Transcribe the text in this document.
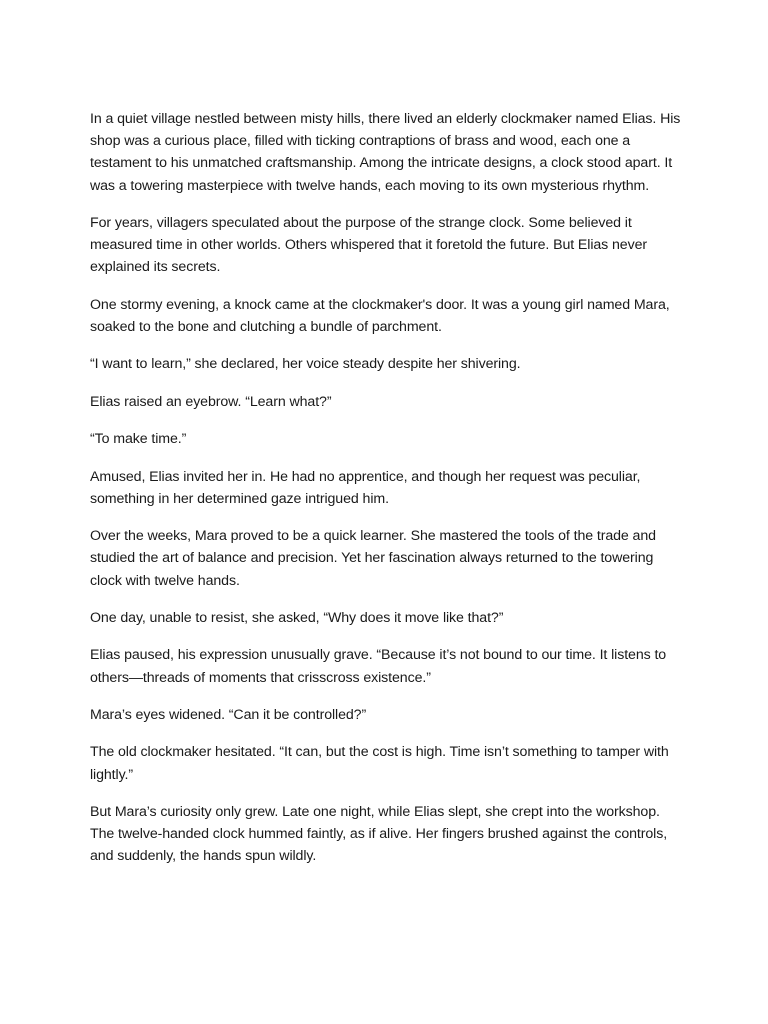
In a quiet village nestled between misty hills, there lived an elderly clockmaker named Elias. His shop was a curious place, filled with ticking contraptions of brass and wood, each one a testament to his unmatched craftsmanship. Among the intricate designs, a clock stood apart. It was a towering masterpiece with twelve hands, each moving to its own mysterious rhythm.

For years, villagers speculated about the purpose of the strange clock. Some believed it measured time in other worlds. Others whispered that it foretold the future. But Elias never explained its secrets.

One stormy evening, a knock came at the clockmaker's door. It was a young girl named Mara, soaked to the bone and clutching a bundle of parchment.

“I want to learn,” she declared, her voice steady despite her shivering.

Elias raised an eyebrow. “Learn what?”

“To make time.”

Amused, Elias invited her in. He had no apprentice, and though her request was peculiar, something in her determined gaze intrigued him.

Over the weeks, Mara proved to be a quick learner. She mastered the tools of the trade and studied the art of balance and precision. Yet her fascination always returned to the towering clock with twelve hands.

One day, unable to resist, she asked, “Why does it move like that?”

Elias paused, his expression unusually grave. “Because it’s not bound to our time. It listens to others—threads of moments that crisscross existence.”

Mara’s eyes widened. “Can it be controlled?”

The old clockmaker hesitated. “It can, but the cost is high. Time isn’t something to tamper with lightly.”

But Mara’s curiosity only grew. Late one night, while Elias slept, she crept into the workshop. The twelve-handed clock hummed faintly, as if alive. Her fingers brushed against the controls, and suddenly, the hands spun wildly.
